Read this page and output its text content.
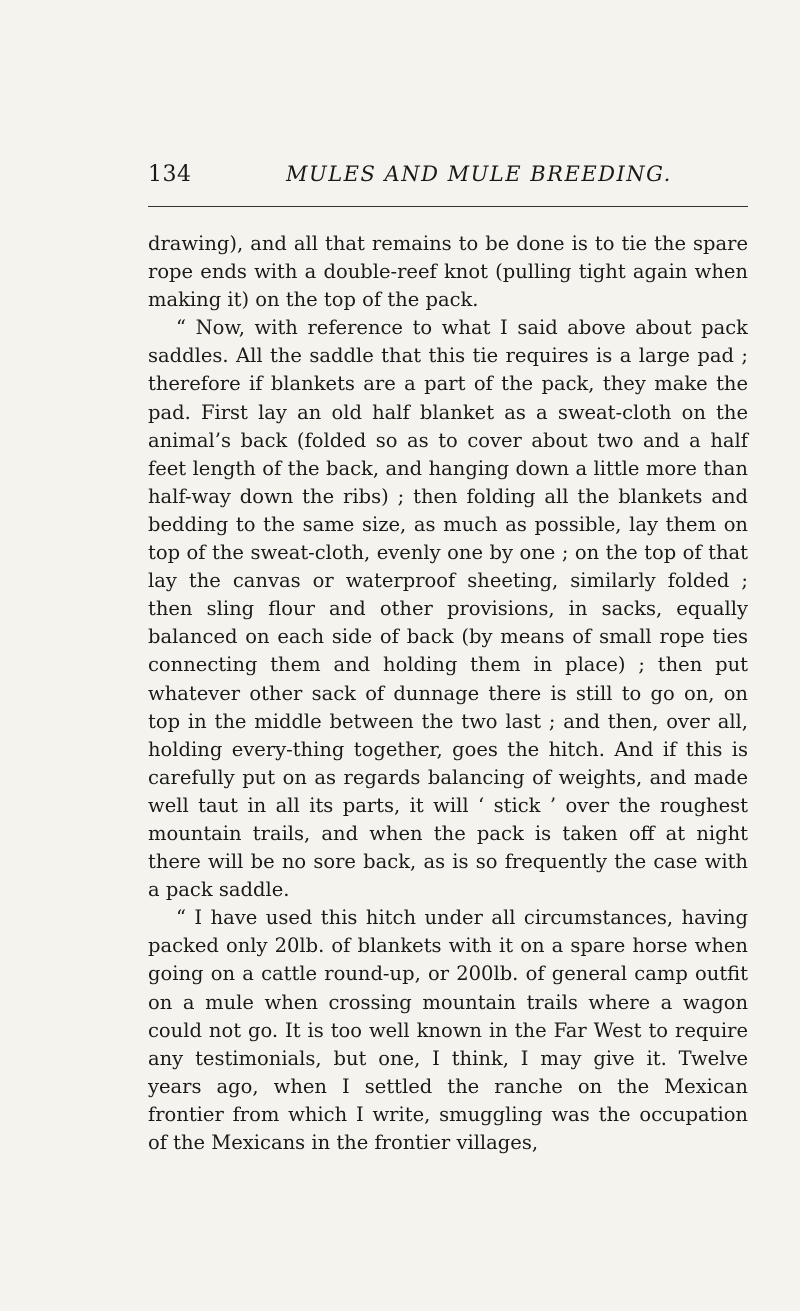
134	MULES AND MULE BREEDING.

drawing), and all that remains to be done is to tie the spare rope ends with a double-reef knot (pulling tight again when making it) on the top of the pack.

“ Now, with reference to what I said above about pack saddles. All the saddle that this tie requires is a large pad ; therefore if blankets are a part of the pack, they make the pad. First lay an old half blanket as a sweat-cloth on the animal’s back (folded so as to cover about two and a half feet length of the back, and hanging down a little more than half-way down the ribs) ; then folding all the blankets and bedding to the same size, as much as possible, lay them on top of the sweat-cloth, evenly one by one ; on the top of that lay the canvas or waterproof sheeting, similarly folded ; then sling flour and other provisions, in sacks, equally balanced on each side of back (by means of small rope ties connecting them and holding them in place) ; then put whatever other sack of dunnage there is still to go on, on top in the middle between the two last ; and then, over all, holding every-thing together, goes the hitch. And if this is carefully put on as regards balancing of weights, and made well taut in all its parts, it will ‘ stick ’ over the roughest mountain trails, and when the pack is taken off at night there will be no sore back, as is so frequently the case with a pack saddle.

“ I have used this hitch under all circumstances, having packed only 20lb. of blankets with it on a spare horse when going on a cattle round-up, or 200lb. of general camp outfit on a mule when crossing mountain trails where a wagon could not go. It is too well known in the Far West to require any testimonials, but one, I think, I may give it. Twelve years ago, when I settled the ranche on the Mexican frontier from which I write, smuggling was the occupation of the Mexicans in the frontier villages,
